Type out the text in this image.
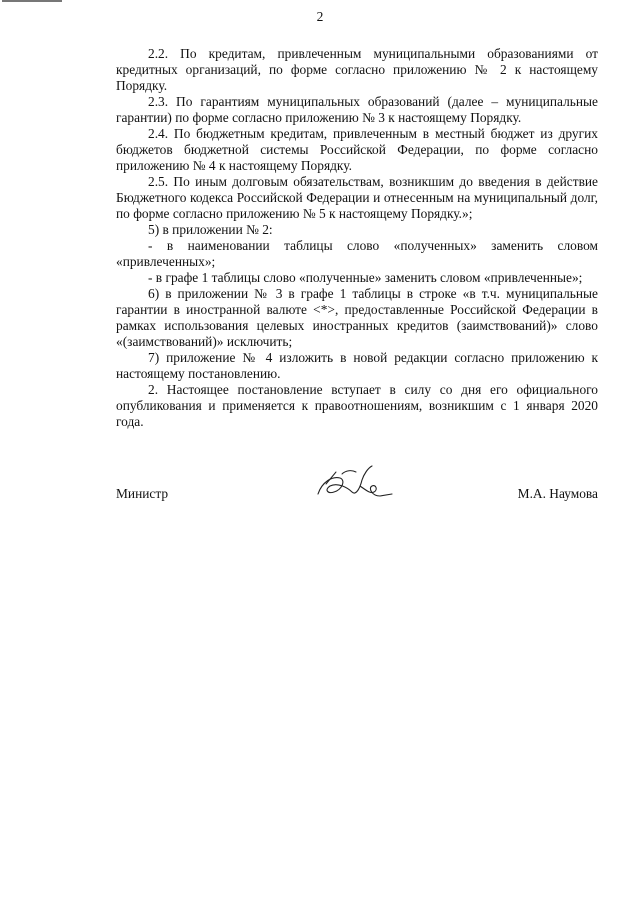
2

2.2. По кредитам, привлеченным муниципальными образованиями от кредитных организаций, по форме согласно приложению № 2 к настоящему Порядку.

2.3. По гарантиям муниципальных образований (далее – муниципальные гарантии) по форме согласно приложению № 3 к настоящему Порядку.

2.4. По бюджетным кредитам, привлеченным в местный бюджет из других бюджетов бюджетной системы Российской Федерации, по форме согласно приложению № 4 к настоящему Порядку.

2.5. По иным долговым обязательствам, возникшим до введения в действие Бюджетного кодекса Российской Федерации и отнесенным на муниципальный долг, по форме согласно приложению № 5 к настоящему Порядку.»;

5) в приложении № 2:

- в наименовании таблицы слово «полученных» заменить словом «привлеченных»;

- в графе 1 таблицы слово «полученные» заменить словом «привлеченные»;

6) в приложении № 3 в графе 1 таблицы в строке «в т.ч. муниципальные гарантии в иностранной валюте <*>, предоставленные Российской Федерации в рамках использования целевых иностранных кредитов (заимствований)» слово «(заимствований)» исключить;

7) приложение № 4 изложить в новой редакции согласно приложению к настоящему постановлению.

2. Настоящее постановление вступает в силу со дня его официального опубликования и применяется к правоотношениям, возникшим с 1 января 2020 года.

Министр	М.А. Наумова
